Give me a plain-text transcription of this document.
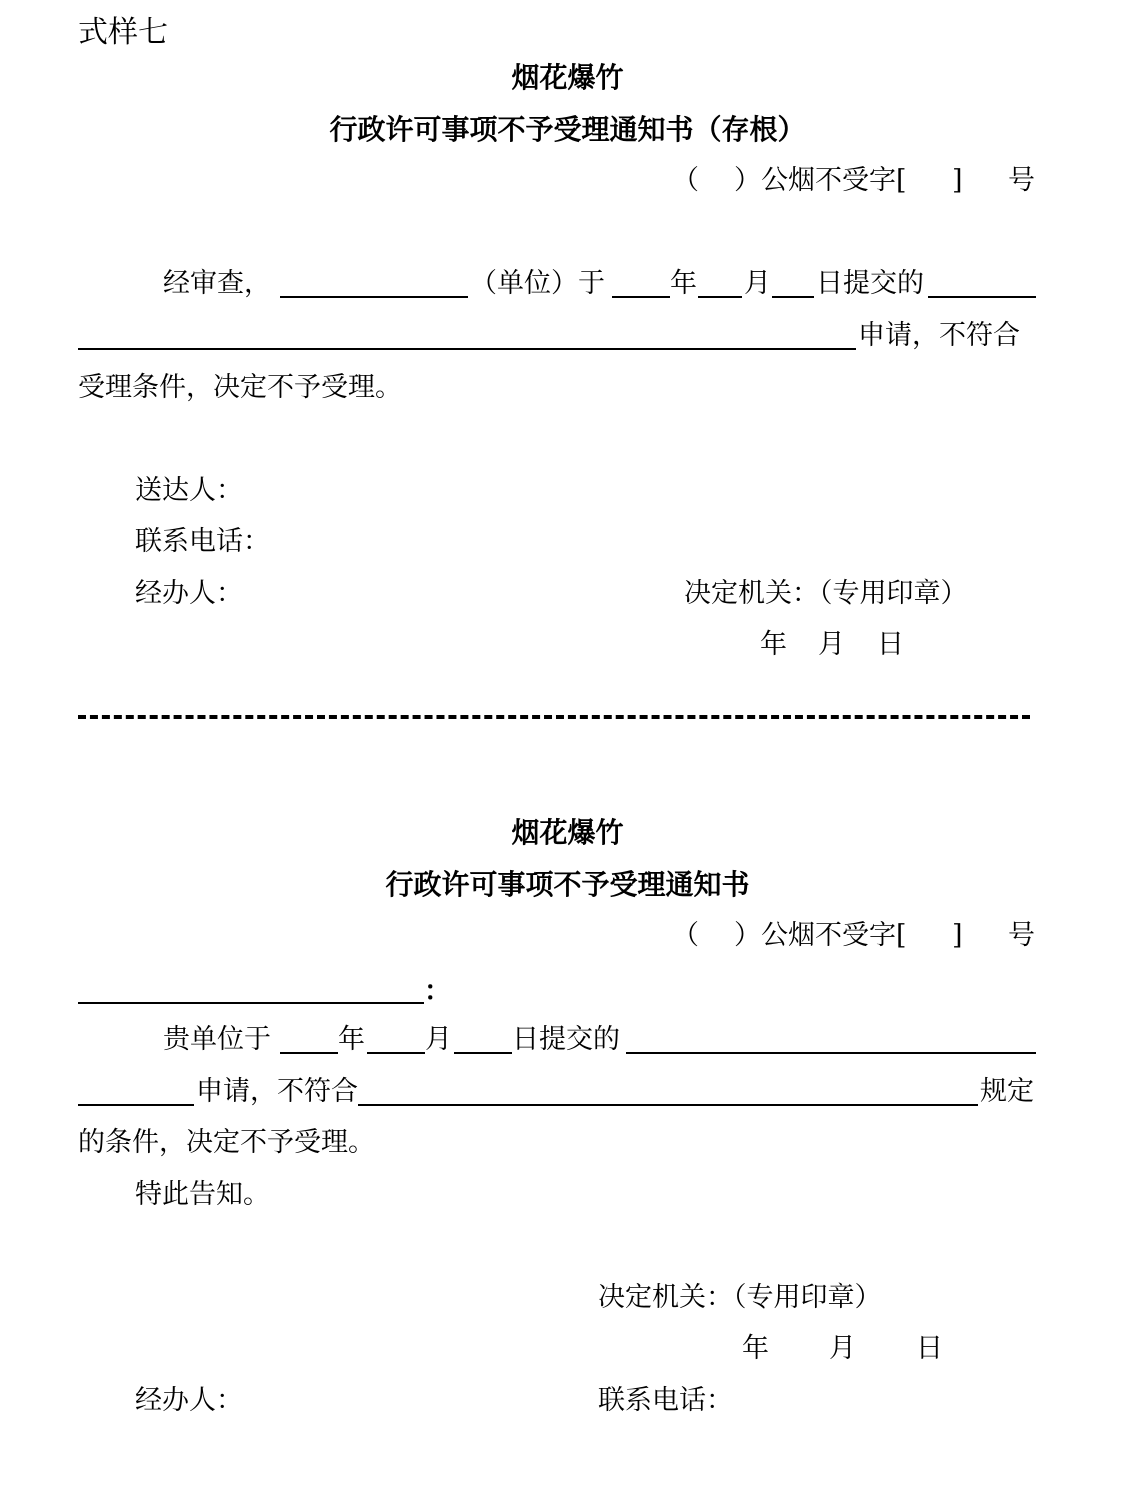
式样七
烟花爆竹
行政许可事项不予受理通知书（存根）
（ ）公烟不受字[ ] 号
经审查，	（单位）于 年 月 日提交的
申请，不符合
受理条件，决定不予受理。
送达人：
联系电话：
经办人：	决定机关：（专用印章）
年 月 日
烟花爆竹
行政许可事项不予受理通知书
（ ）公烟不受字[ ] 号
：
贵单位于 年 月 日提交的
申请，不符合	规定
的条件，决定不予受理。
特此告知。
决定机关：（专用印章）
年 月 日
经办人：	联系电话：
